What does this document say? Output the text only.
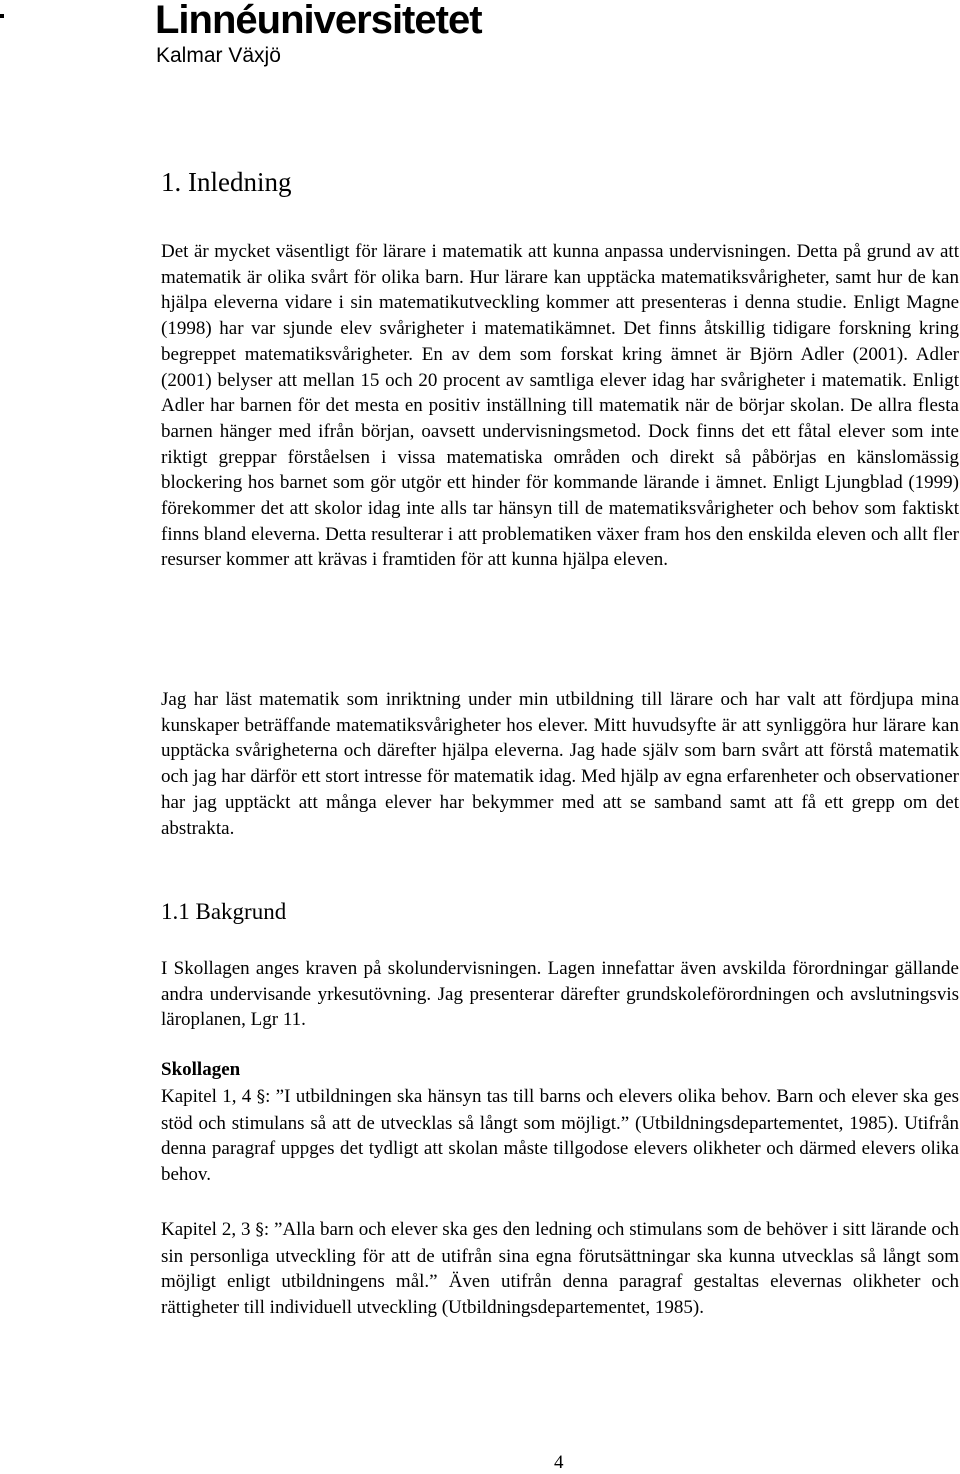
Linnéuniversitetet
Kalmar Växjö
1. Inledning

Det är mycket väsentligt för lärare i matematik att kunna anpassa undervisningen. Detta på grund av att matematik är olika svårt för olika barn. Hur lärare kan upptäcka matematiksvårigheter, samt hur de kan hjälpa eleverna vidare i sin matematikutveckling kommer att presenteras i denna studie. Enligt Magne (1998) har var sjunde elev svårigheter i matematikämnet. Det finns åtskillig tidigare forskning kring begreppet matematiksvårigheter. En av dem som forskat kring ämnet är Björn Adler (2001). Adler (2001) belyser att mellan 15 och 20 procent av samtliga elever idag har svårigheter i matematik. Enligt Adler har barnen för det mesta en positiv inställning till matematik när de börjar skolan. De allra flesta barnen hänger med ifrån början, oavsett undervisningsmetod. Dock finns det ett fåtal elever som inte riktigt greppar förståelsen i vissa matematiska områden och direkt så påbörjas en känslomässig blockering hos barnet som gör utgör ett hinder för kommande lärande i ämnet. Enligt Ljungblad (1999) förekommer det att skolor idag inte alls tar hänsyn till de matematiksvårigheter och behov som faktiskt finns bland eleverna. Detta resulterar i att problematiken växer fram hos den enskilda eleven och allt fler resurser kommer att krävas i framtiden för att kunna hjälpa eleven.

Jag har läst matematik som inriktning under min utbildning till lärare och har valt att fördjupa mina kunskaper beträffande matematiksvårigheter hos elever. Mitt huvudsyfte är att synliggöra hur lärare kan upptäcka svårigheterna och därefter hjälpa eleverna. Jag hade själv som barn svårt att förstå matematik och jag har därför ett stort intresse för matematik idag. Med hjälp av egna erfarenheter och observationer har jag upptäckt att många elever har bekymmer med att se samband samt att få ett grepp om det abstrakta.

1.1 Bakgrund

I Skollagen anges kraven på skolundervisningen. Lagen innefattar även avskilda förordningar gällande andra undervisande yrkesutövning. Jag presenterar därefter grundskoleförordningen och avslutningsvis läroplanen, Lgr 11.

Skollagen

Kapitel 1, 4 §: ”I utbildningen ska hänsyn tas till barns och elevers olika behov. Barn och elever ska ges stöd och stimulans så att de utvecklas så långt som möjligt.” (Utbildningsdepartementet, 1985). Utifrån denna paragraf uppges det tydligt att skolan måste tillgodose elevers olikheter och därmed elevers olika behov.

Kapitel 2, 3 §: ”Alla barn och elever ska ges den ledning och stimulans som de behöver i sitt lärande och sin personliga utveckling för att de utifrån sina egna förutsättningar ska kunna utvecklas så långt som möjligt enligt utbildningens mål.” Även utifrån denna paragraf gestaltas elevernas olikheter och rättigheter till individuell utveckling (Utbildningsdepartementet, 1985).

4
